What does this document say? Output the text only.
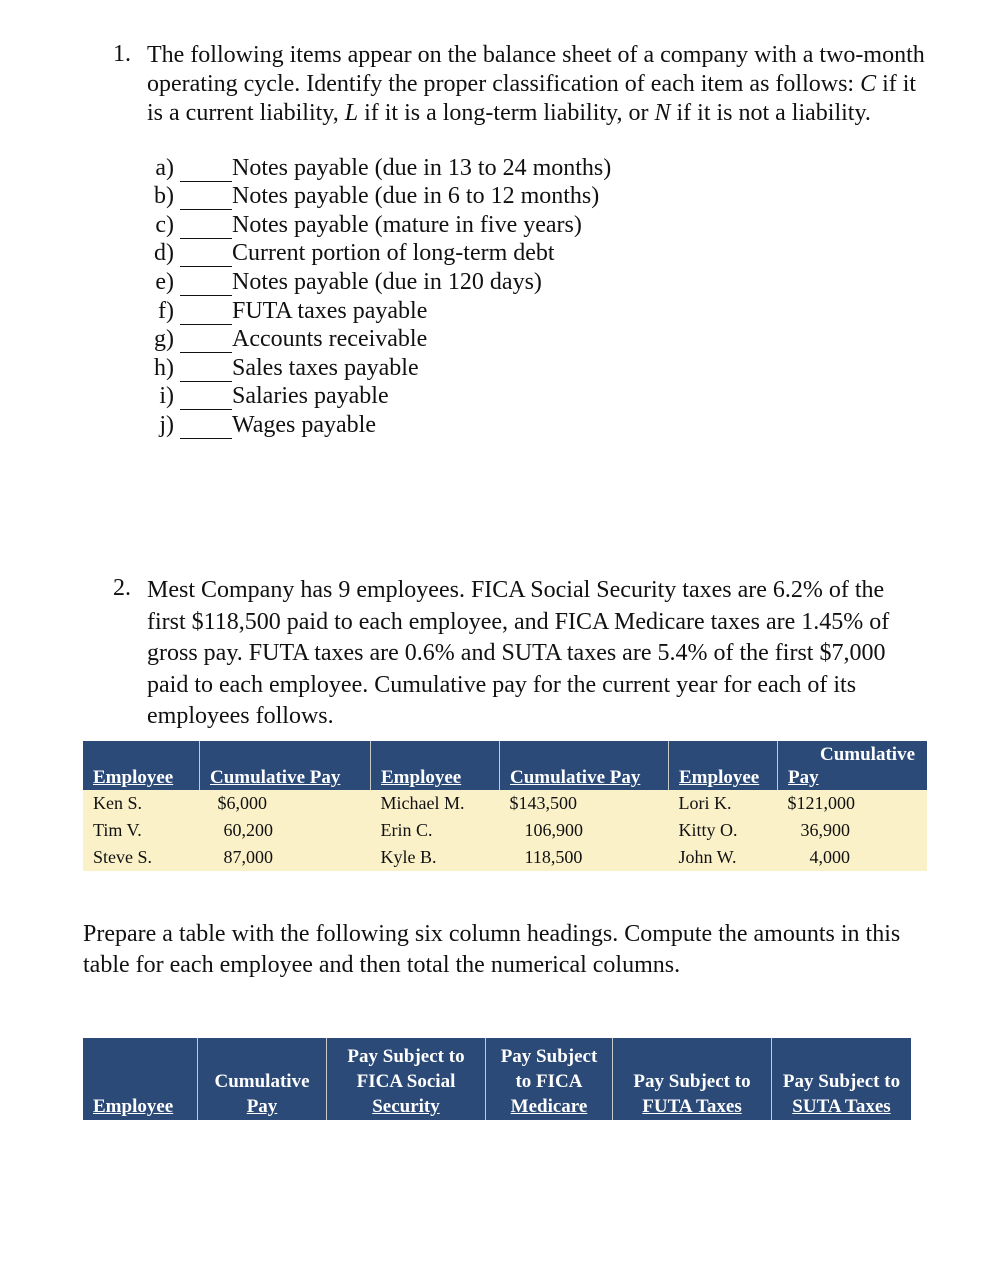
1. The following items appear on the balance sheet of a company with a two-month operating cycle. Identify the proper classification of each item as follows: C if it is a current liability, L if it is a long-term liability, or N if it is not a liability.
a) Notes payable (due in 13 to 24 months)
b) Notes payable (due in 6 to 12 months)
c) Notes payable (mature in five years)
d) Current portion of long-term debt
e) Notes payable (due in 120 days)
f) FUTA taxes payable
g) Accounts receivable
h) Sales taxes payable
i) Salaries payable
j) Wages payable
2. Mest Company has 9 employees. FICA Social Security taxes are 6.2% of the first $118,500 paid to each employee, and FICA Medicare taxes are 1.45% of gross pay. FUTA taxes are 0.6% and SUTA taxes are 5.4% of the first $7,000 paid to each employee. Cumulative pay for the current year for each of its employees follows.
Employee	Cumulative Pay	Employee	Cumulative Pay	Employee	Cumulative
Pay

Ken S.	$6,000	Michael M.	$143,500	Lori K.	$121,000
Tim V.	60,200	Erin C.	106,900	Kitty O.	36,900
Steve S.	87,000	Kyle B.	118,500	John W.	4,000
Prepare a table with the following six column headings. Compute the amounts in this table for each employee and then total the numerical columns.

Employee

Cumulative
Pay

Pay Subject to
FICA Social
Security

Pay Subject
to FICA
Medicare

Pay Subject to
FUTA Taxes

Pay Subject to
SUTA Taxes
